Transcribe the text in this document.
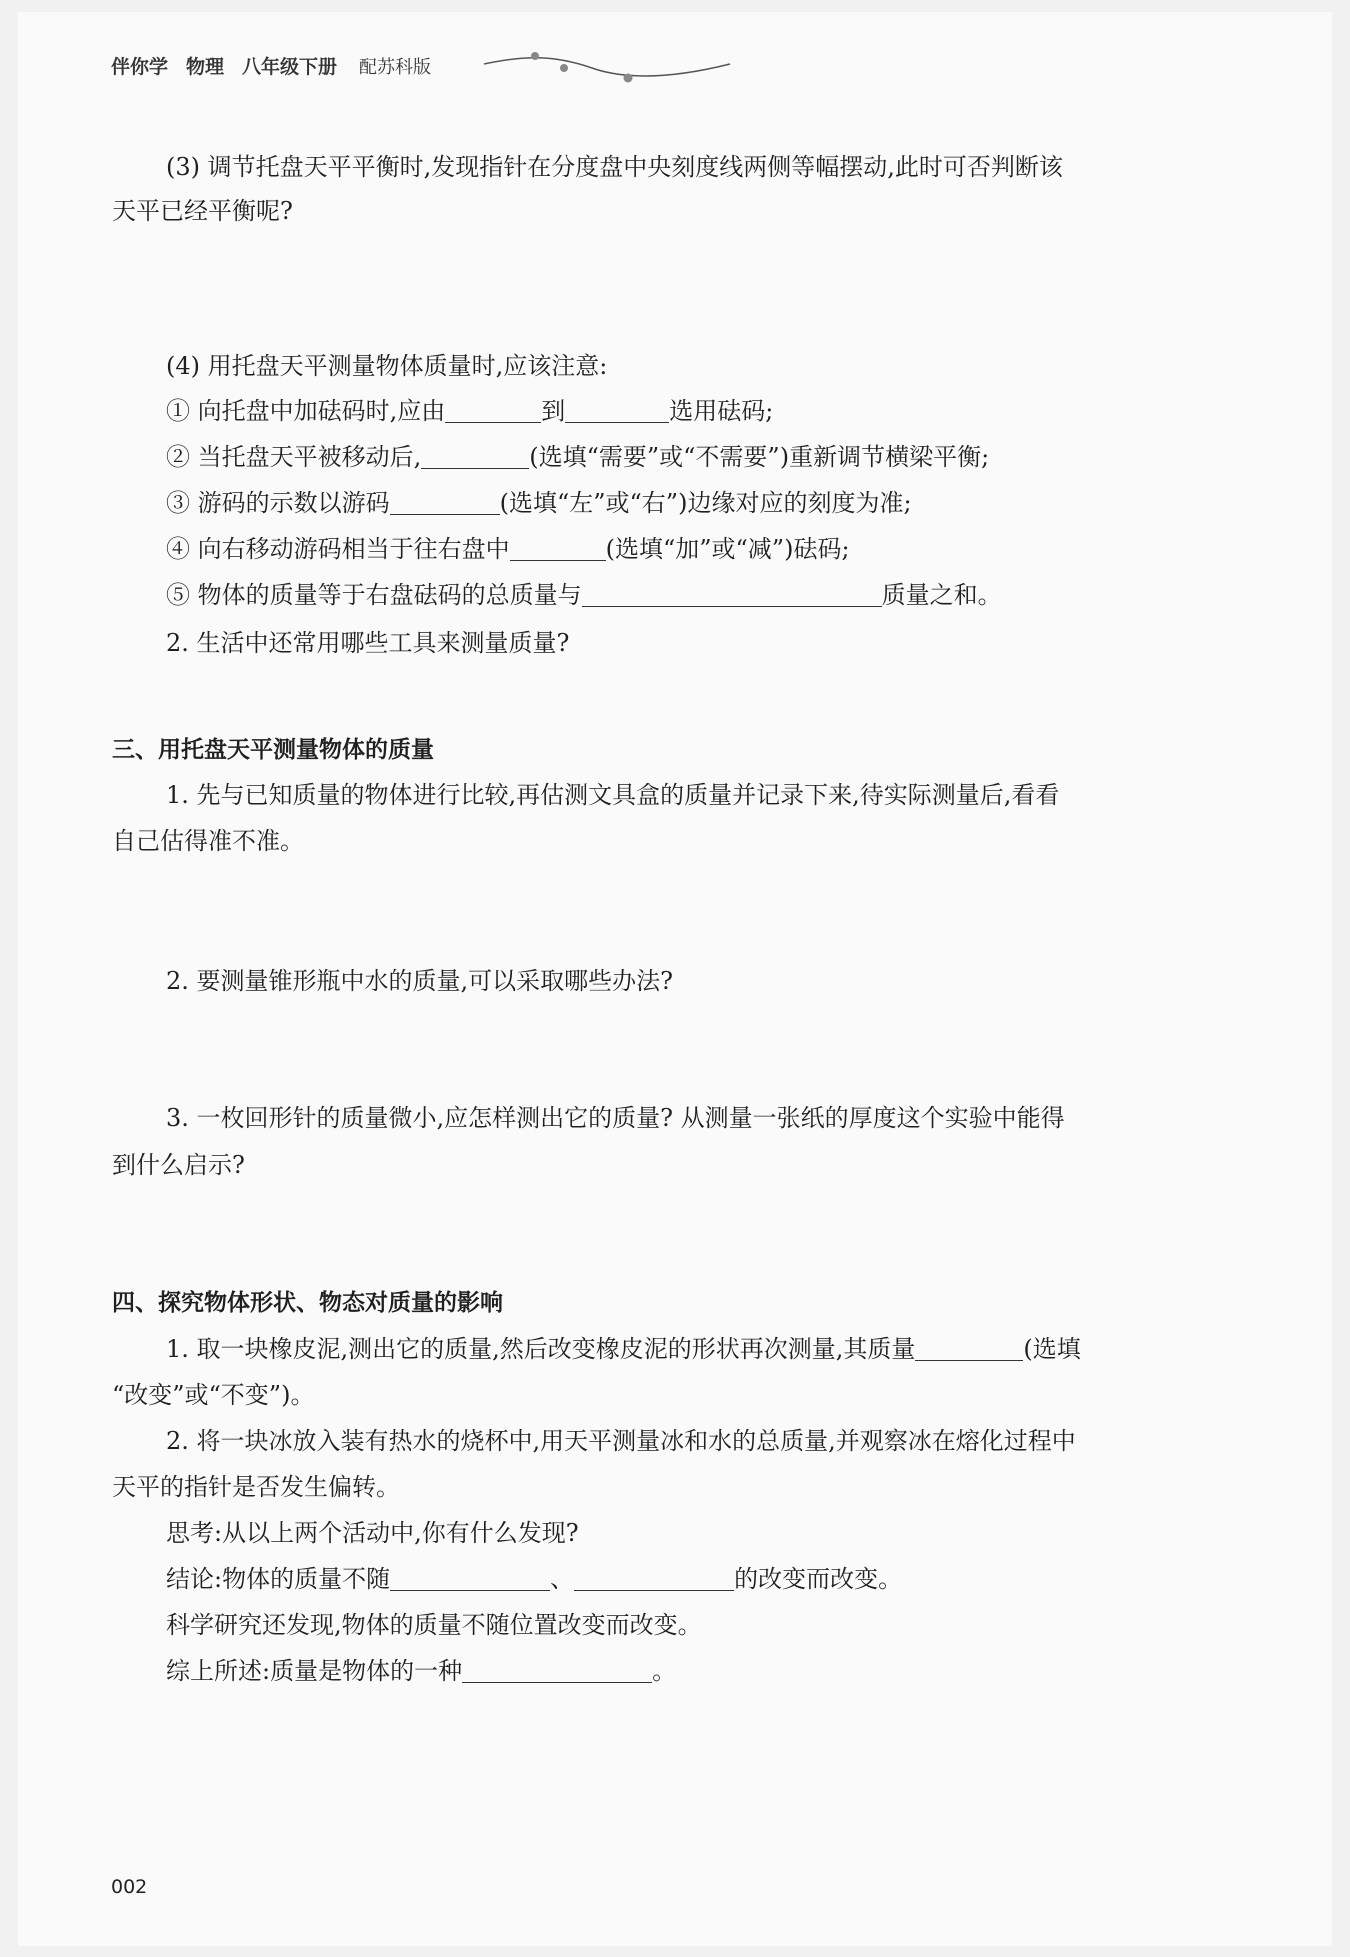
伴你学 物理 八年级下册 配苏科版
(3) 调节托盘天平平衡时,发现指针在分度盘中央刻度线两侧等幅摆动,此时可否判断该
天平已经平衡呢?
(4) 用托盘天平测量物体质量时,应该注意:
① 向托盘中加砝码时,应由	到	选用砝码;
② 当托盘天平被移动后,	(选填“需要”或“不需要”)重新调节横梁平衡;
③ 游码的示数以游码	(选填“左”或“右”)边缘对应的刻度为准;
④ 向右移动游码相当于往右盘中	(选填“加”或“减”)砝码;
⑤ 物体的质量等于右盘砝码的总质量与	质量之和。
2. 生活中还常用哪些工具来测量质量?
三、用托盘天平测量物体的质量
1. 先与已知质量的物体进行比较,再估测文具盒的质量并记录下来,待实际测量后,看看
自己估得准不准。
2. 要测量锥形瓶中水的质量,可以采取哪些办法?
3. 一枚回形针的质量微小,应怎样测出它的质量? 从测量一张纸的厚度这个实验中能得
到什么启示?
四、探究物体形状、物态对质量的影响
1. 取一块橡皮泥,测出它的质量,然后改变橡皮泥的形状再次测量,其质量	(选填
“改变”或“不变”)。
2. 将一块冰放入装有热水的烧杯中,用天平测量冰和水的总质量,并观察冰在熔化过程中
天平的指针是否发生偏转。
思考:从以上两个活动中,你有什么发现?
结论:物体的质量不随	、	的改变而改变。
科学研究还发现,物体的质量不随位置改变而改变。
综上所述:质量是物体的一种	。
002
